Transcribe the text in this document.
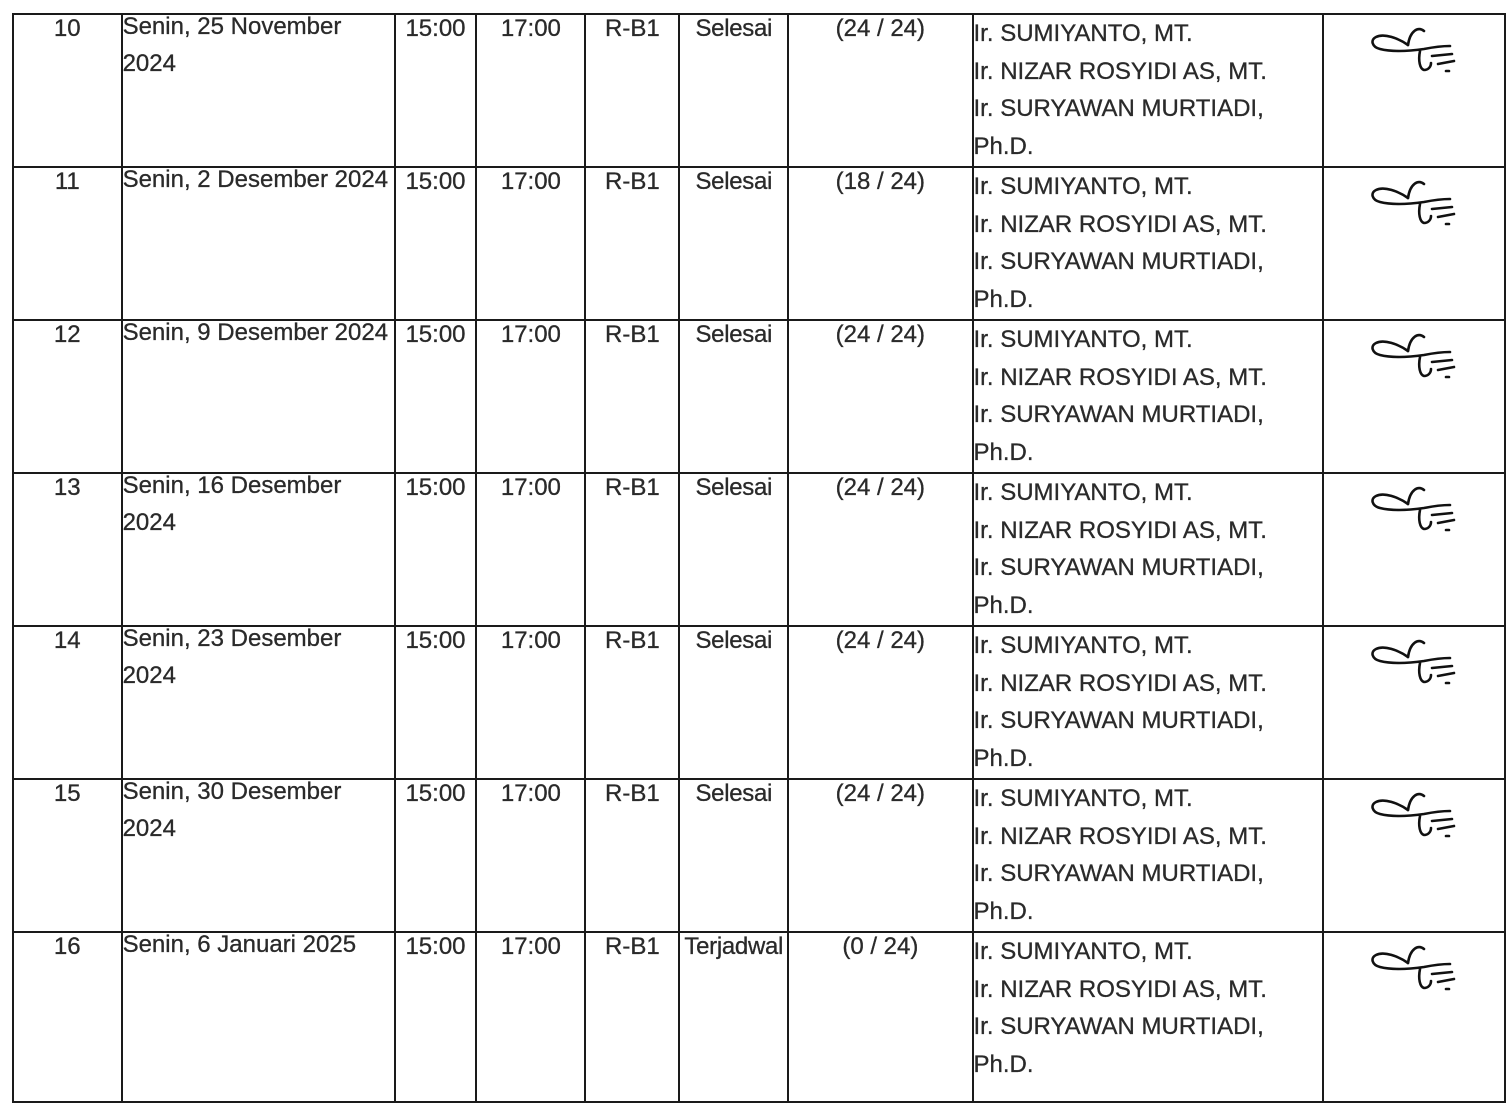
10	Senin, 25 November 2024	15:00	17:00	R-B1	Selesai	(24 / 24)	Ir. SUMIYANTO, MT.
Ir. NIZAR ROSYIDI AS, MT.
Ir. SURYAWAN MURTIADI,
Ph.D.

11	Senin, 2 Desember 2024	15:00	17:00	R-B1	Selesai	(18 / 24)	Ir. SUMIYANTO, MT.
Ir. NIZAR ROSYIDI AS, MT.
Ir. SURYAWAN MURTIADI,
Ph.D.

12	Senin, 9 Desember 2024	15:00	17:00	R-B1	Selesai	(24 / 24)	Ir. SUMIYANTO, MT.
Ir. NIZAR ROSYIDI AS, MT.
Ir. SURYAWAN MURTIADI,
Ph.D.

13	Senin, 16 Desember 2024	15:00	17:00	R-B1	Selesai	(24 / 24)	Ir. SUMIYANTO, MT.
Ir. NIZAR ROSYIDI AS, MT.
Ir. SURYAWAN MURTIADI,
Ph.D.

14	Senin, 23 Desember 2024	15:00	17:00	R-B1	Selesai	(24 / 24)	Ir. SUMIYANTO, MT.
Ir. NIZAR ROSYIDI AS, MT.
Ir. SURYAWAN MURTIADI,
Ph.D.

15	Senin, 30 Desember 2024	15:00	17:00	R-B1	Selesai	(24 / 24)	Ir. SUMIYANTO, MT.
Ir. NIZAR ROSYIDI AS, MT.
Ir. SURYAWAN MURTIADI,
Ph.D.

16	Senin, 6 Januari 2025	15:00	17:00	R-B1	Terjadwal	(0 / 24)	Ir. SUMIYANTO, MT.
Ir. NIZAR ROSYIDI AS, MT.
Ir. SURYAWAN MURTIADI,
Ph.D.
